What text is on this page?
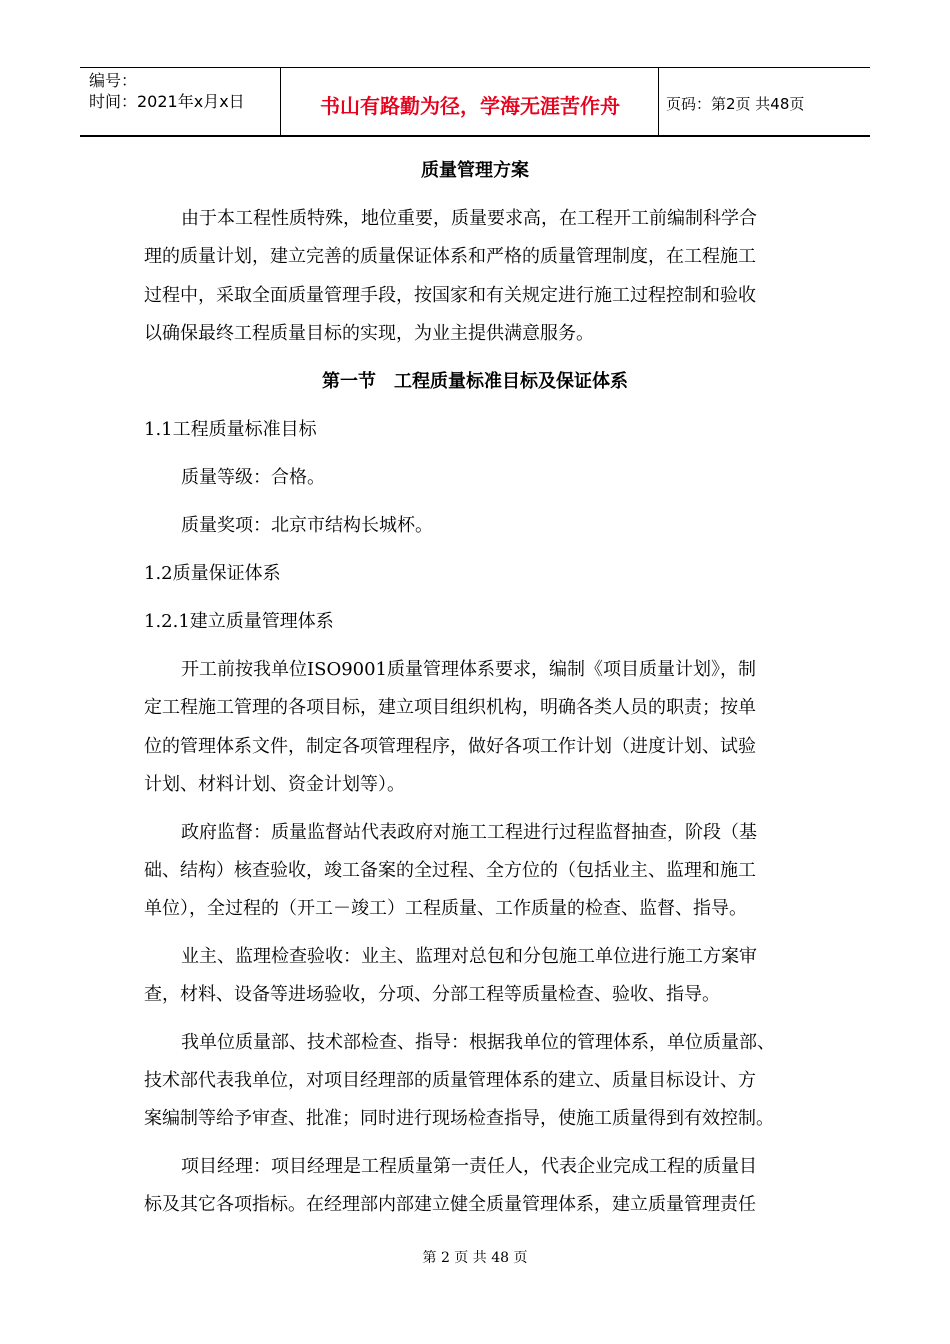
编号：
时间：2021年x月x日	书山有路勤为径，学海无涯苦作舟	页码：第2页 共48页
质量管理方案
由于本工程性质特殊，地位重要，质量要求高，在工程开工前编制科学合
理的质量计划，建立完善的质量保证体系和严格的质量管理制度，在工程施工
过程中，采取全面质量管理手段，按国家和有关规定进行施工过程控制和验收
以确保最终工程质量目标的实现，为业主提供满意服务。
第一节　工程质量标准目标及保证体系
1.1工程质量标准目标
质量等级：合格。
质量奖项：北京市结构长城杯。
1.2质量保证体系
1.2.1建立质量管理体系
开工前按我单位ISO9001质量管理体系要求，编制《项目质量计划》，制
定工程施工管理的各项目标，建立项目组织机构，明确各类人员的职责；按单
位的管理体系文件，制定各项管理程序，做好各项工作计划（进度计划、试验
计划、材料计划、资金计划等）。
政府监督：质量监督站代表政府对施工工程进行过程监督抽查，阶段（基
础、结构）核查验收，竣工备案的全过程、全方位的（包括业主、监理和施工
单位），全过程的（开工－竣工）工程质量、工作质量的检查、监督、指导。
业主、监理检查验收：业主、监理对总包和分包施工单位进行施工方案审
查，材料、设备等进场验收，分项、分部工程等质量检查、验收、指导。
我单位质量部、技术部检查、指导：根据我单位的管理体系，单位质量部、
技术部代表我单位，对项目经理部的质量管理体系的建立、质量目标设计、方
案编制等给予审查、批准；同时进行现场检查指导，使施工质量得到有效控制。
项目经理：项目经理是工程质量第一责任人，代表企业完成工程的质量目
标及其它各项指标。在经理部内部建立健全质量管理体系，建立质量管理责任
第 2 页 共 48 页
